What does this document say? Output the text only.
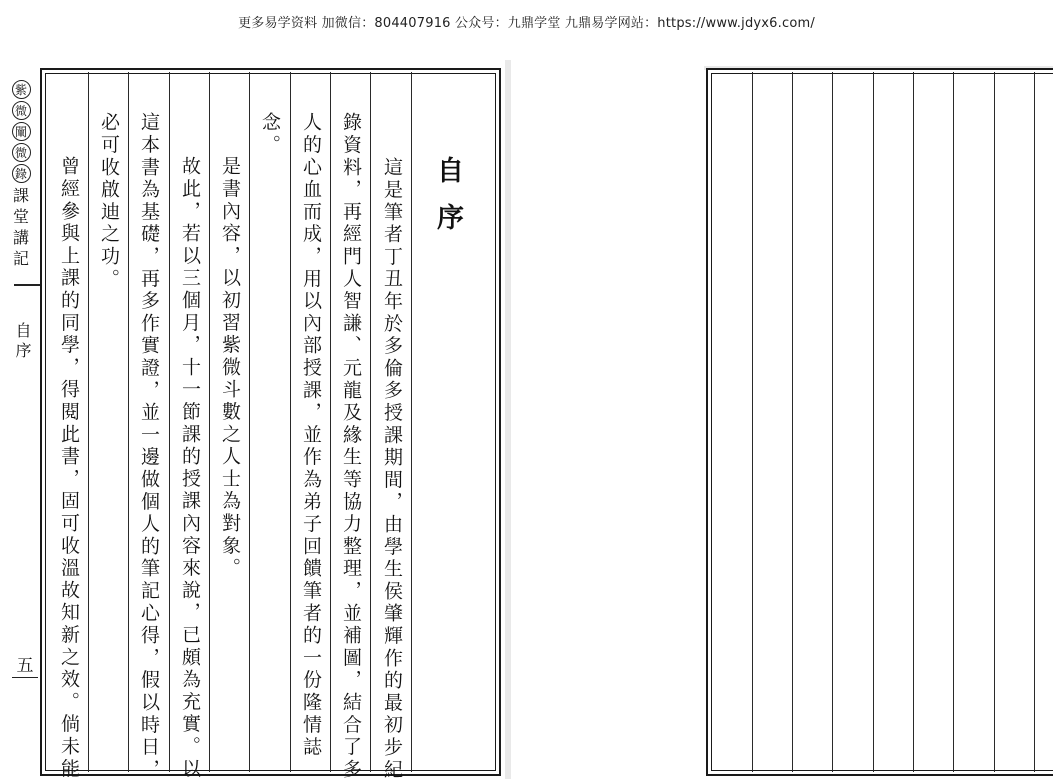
更多易学资料 加微信：804407916 公众号：九鼎学堂 九鼎易学网站：https://www.jdyx6.com/
紫
微
闡
微
錄
課
堂
講
記
自序
五
自序
這是筆者丁丑年於多倫多授課期間，由學生侯肇輝作的最初步紀
錄資料，再經門人智謙、元龍及緣生等協力整理，並補圖，結合了多
人的心血而成，用以內部授課，並作為弟子回饋筆者的一份隆情誌
念。
是書內容，以初習紫微斗數之人士為對象。
故此，若以三個月，十一節課的授課內容來說，已頗為充實。以
這本書為基礎，再多作實證，並一邊做個人的筆記心得，假以時日，
必可收啟迪之功。
曾經參與上課的同學，得閱此書，固可收溫故知新之效。倘未能
